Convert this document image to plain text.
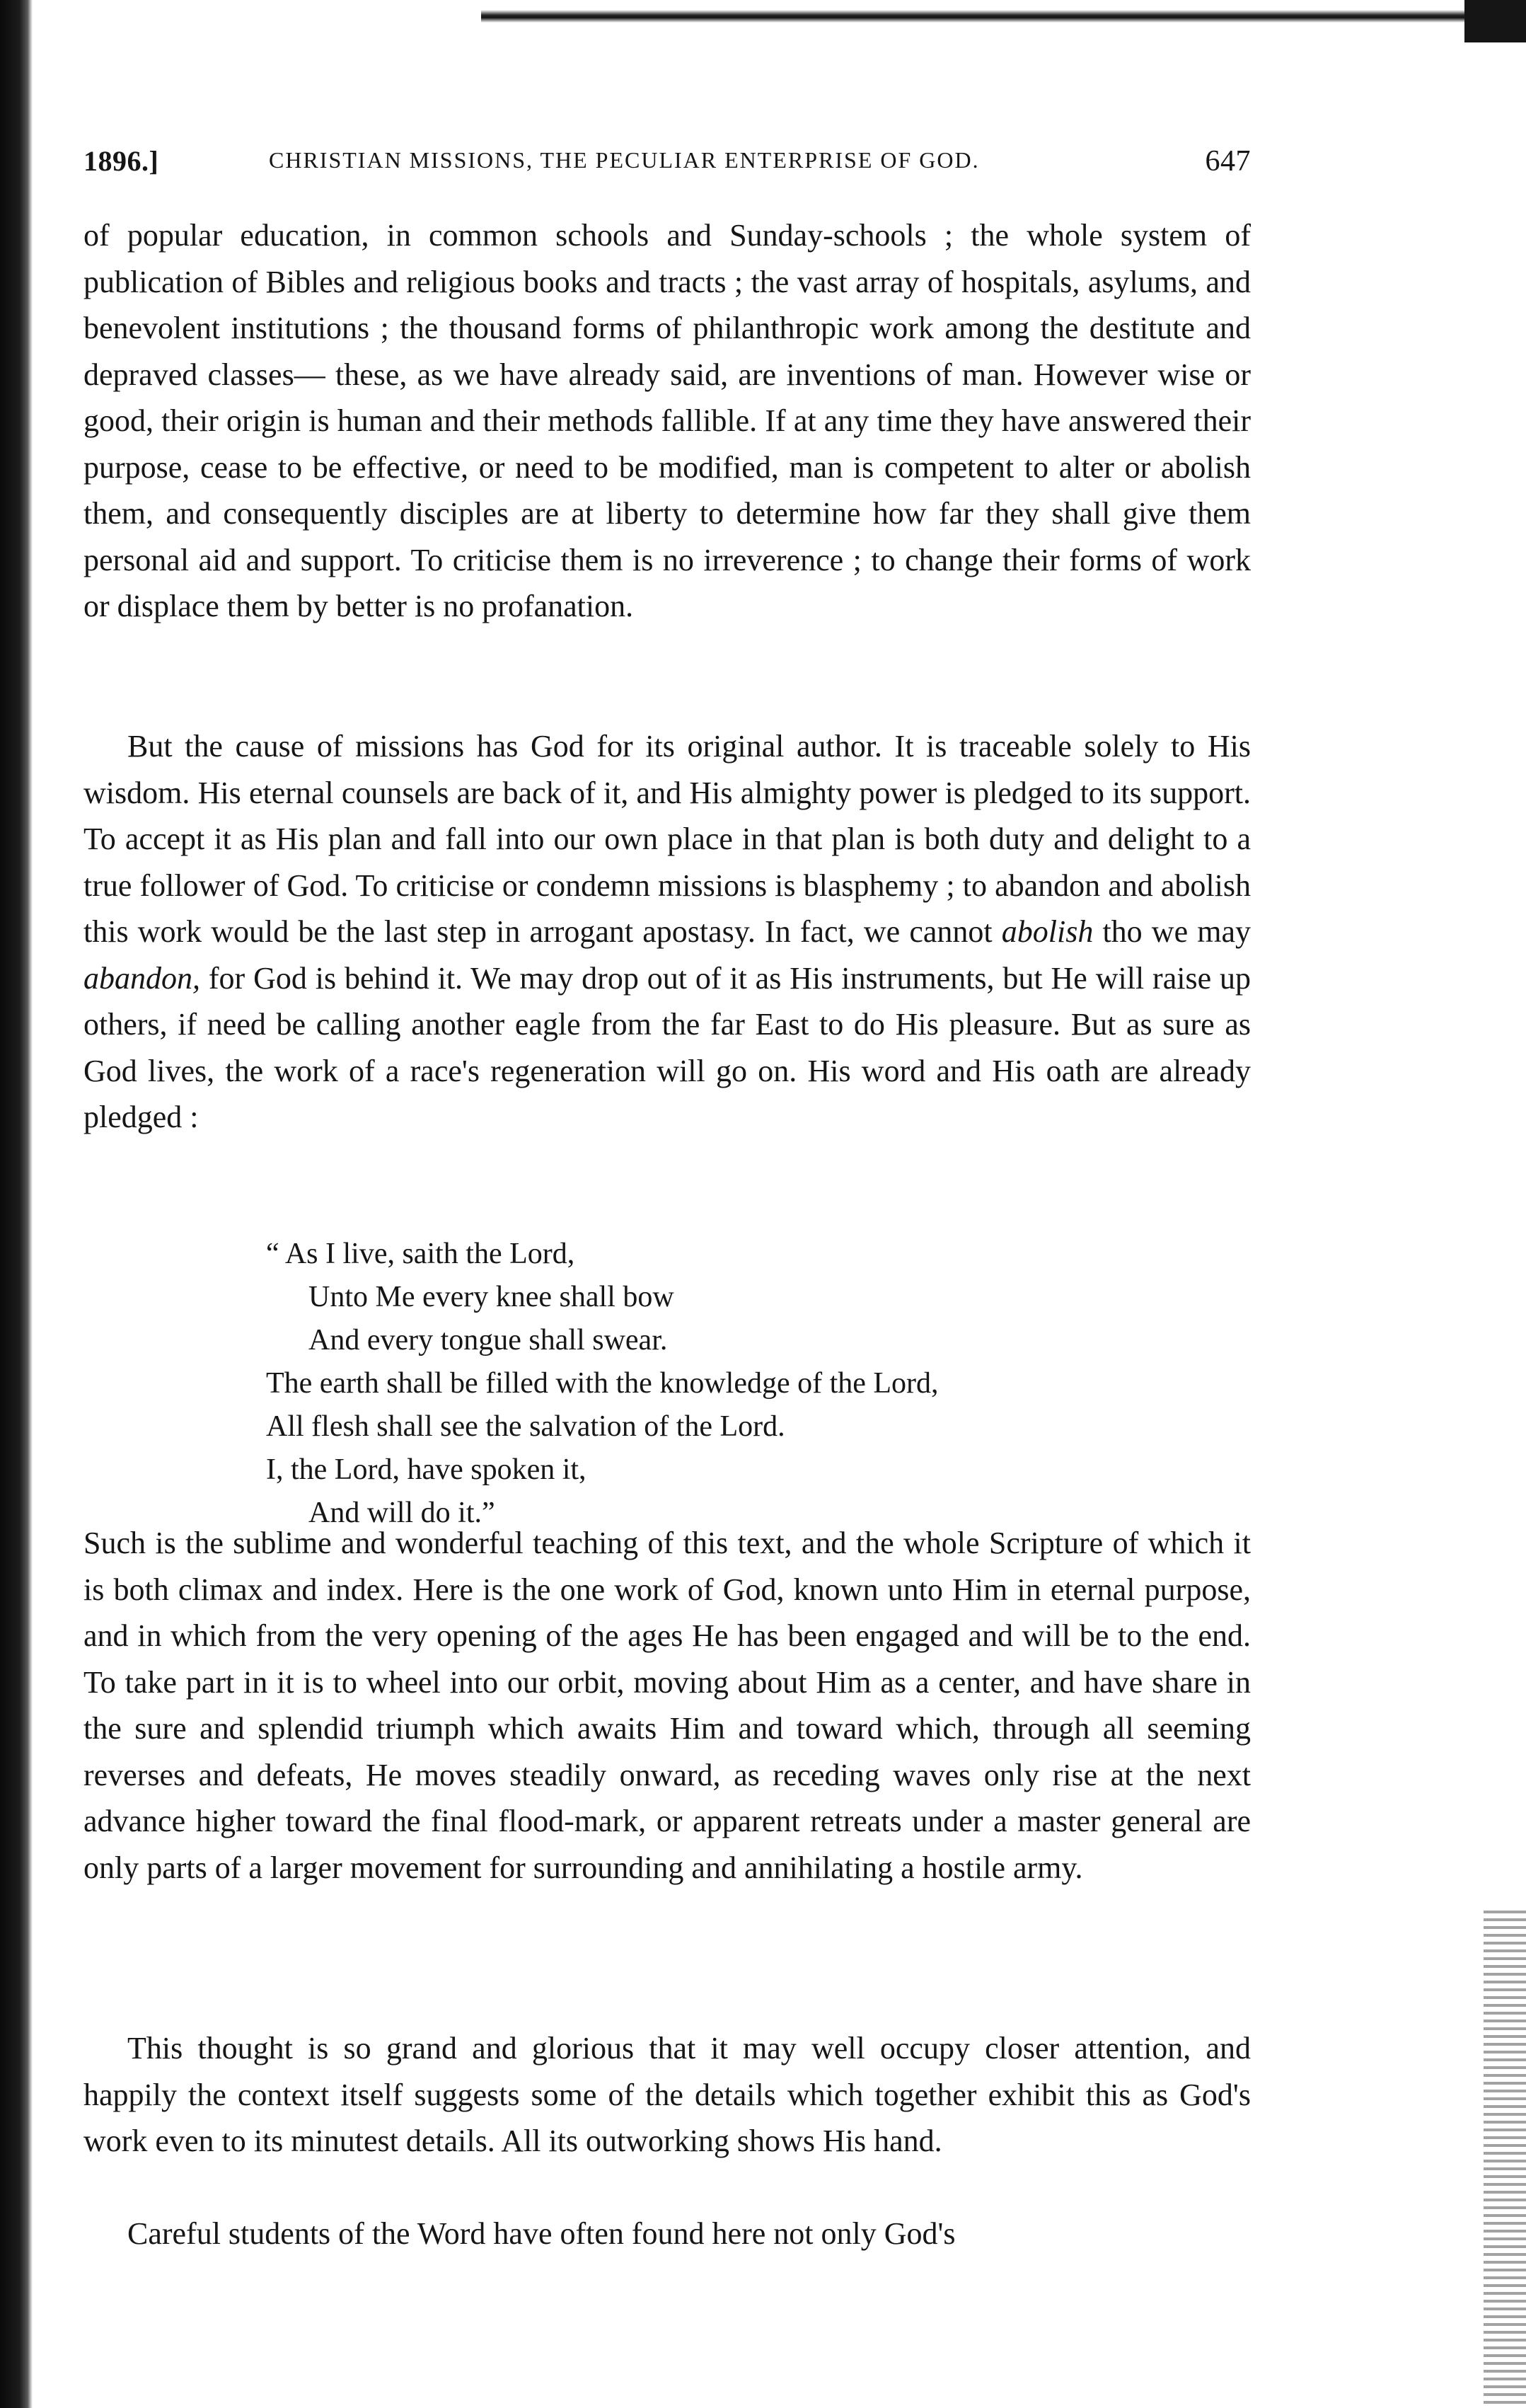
1896.]	CHRISTIAN MISSIONS, THE PECULIAR ENTERPRISE OF GOD.	647

of popular education, in common schools and Sunday-schools ; the whole system of publication of Bibles and religious books and tracts ; the vast array of hospitals, asylums, and benevolent institutions ; the thousand forms of philanthropic work among the destitute and depraved classes— these, as we have already said, are inventions of man. However wise or good, their origin is human and their methods fallible. If at any time they have answered their purpose, cease to be effective, or need to be modified, man is competent to alter or abolish them, and consequently disciples are at liberty to determine how far they shall give them personal aid and support. To criticise them is no irreverence ; to change their forms of work or displace them by better is no profanation.

But the cause of missions has God for its original author. It is traceable solely to His wisdom. His eternal counsels are back of it, and His almighty power is pledged to its support. To accept it as His plan and fall into our own place in that plan is both duty and delight to a true follower of God. To criticise or condemn missions is blasphemy ; to abandon and abolish this work would be the last step in arrogant apostasy. In fact, we cannot abolish tho we may abandon, for God is behind it. We may drop out of it as His instruments, but He will raise up others, if need be calling another eagle from the far East to do His pleasure. But as sure as God lives, the work of a race's regeneration will go on. His word and His oath are already pledged :

“ As I live, saith the Lord,
Unto Me every knee shall bow
And every tongue shall swear.
The earth shall be filled with the knowledge of the Lord,
All flesh shall see the salvation of the Lord.
I, the Lord, have spoken it,
And will do it.”

Such is the sublime and wonderful teaching of this text, and the whole Scripture of which it is both climax and index. Here is the one work of God, known unto Him in eternal purpose, and in which from the very opening of the ages He has been engaged and will be to the end. To take part in it is to wheel into our orbit, moving about Him as a center, and have share in the sure and splendid triumph which awaits Him and toward which, through all seeming reverses and defeats, He moves steadily onward, as receding waves only rise at the next advance higher toward the final flood-mark, or apparent retreats under a master general are only parts of a larger movement for surrounding and annihilating a hostile army.

This thought is so grand and glorious that it may well occupy closer attention, and happily the context itself suggests some of the details which together exhibit this as God's work even to its minutest details. All its outworking shows His hand.

Careful students of the Word have often found here not only God's
